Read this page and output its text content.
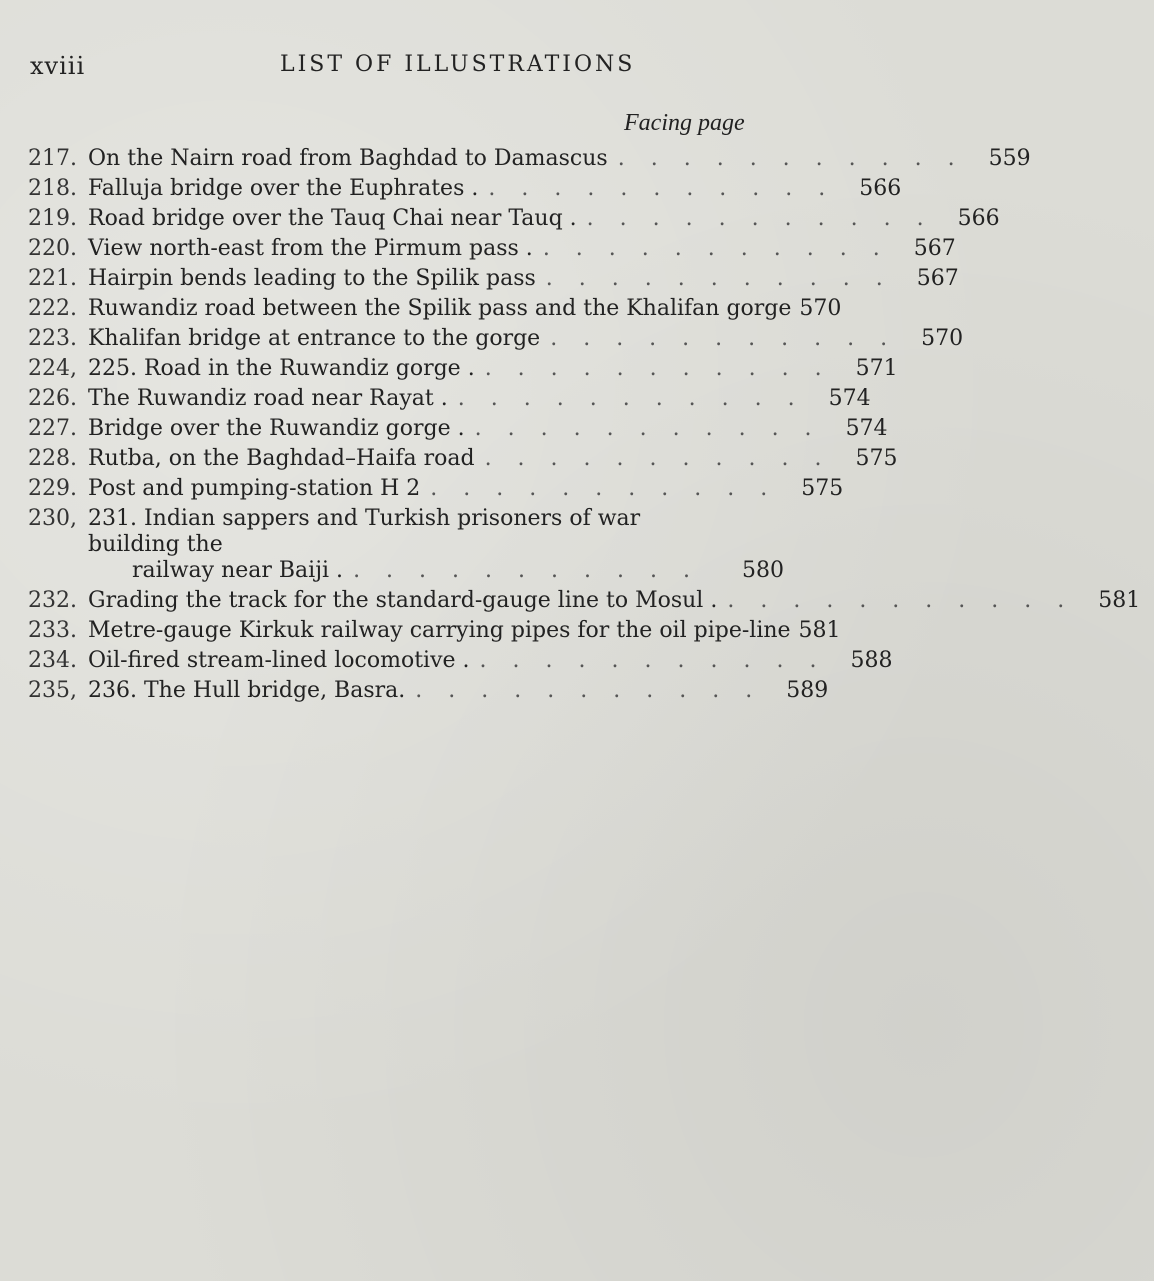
xviii	LIST OF ILLUSTRATIONS
Facing page
217. On the Nairn road from Baghdad to Damascus ........... 559
218. Falluja bridge over the Euphrates . ........... 566
219. Road bridge over the Tauq Chai near Tauq . ........... 566
220. View north-east from the Pirmum pass . ........... 567
221. Hairpin bends leading to the Spilik pass ........... 567
222. Ruwandiz road between the Spilik pass and the Khalifan gorge 570
223. Khalifan bridge at entrance to the gorge ........... 570
224, 225. Road in the Ruwandiz gorge . ........... 571
226. The Ruwandiz road near Rayat . ........... 574
227. Bridge over the Ruwandiz gorge . ........... 574
228. Rutba, on the Baghdad–Haifa road ........... 575
229. Post and pumping-station H 2 ........... 575
230, 231. Indian sappers and Turkish prisoners of war building the
railway near Baiji . ...........	580
232. Grading the track for the standard-gauge line to Mosul . ........... 581
233. Metre-gauge Kirkuk railway carrying pipes for the oil pipe-line 581
234. Oil-fired stream-lined locomotive . ........... 588
235, 236. The Hull bridge, Basra. ........... 589
